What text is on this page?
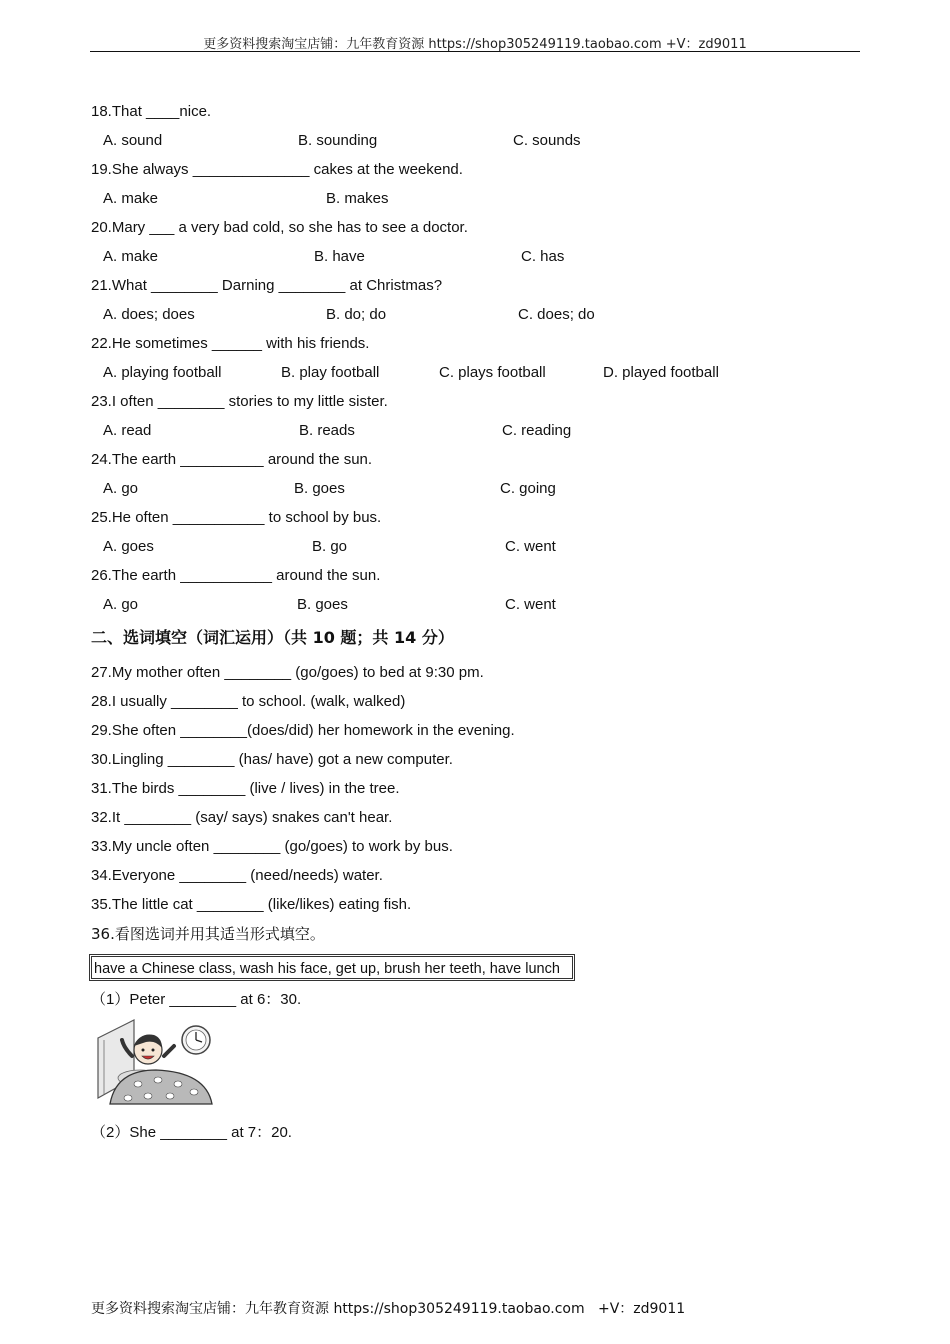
更多资料搜索淘宝店铺：九年教育资源 https://shop305249119.taobao.com +V：zd9011
18.That ____nice.
A. sound	B. sounding	C. sounds
19.She always ______________ cakes at the weekend.
A. make	B. makes
20.Mary ___ a very bad cold, so she has to see a doctor.
A. make	B. have	C. has
21.What ________ Darning ________ at Christmas?
A. does; does	B. do; do	C. does; do
22.He sometimes ______ with his friends.
A. playing football	B. play football	C. plays football	D. played football
23.I often ________ stories to my little sister.
A. read	B. reads	C. reading
24.The earth __________ around the sun.
A. go	B. goes	C. going
25.He often ___________ to school by bus.
A. goes	B. go	C. went
26.The earth ___________ around the sun.
A. go	B. goes	C. went
二、选词填空（词汇运用）（共 10 题；共 14 分）
27.My mother often ________ (go/goes) to bed at 9:30 pm.
28.I usually ________ to school. (walk, walked)
29.She often ________(does/did) her homework in the evening.
30.Lingling ________ (has/ have) got a new computer.
31.The birds ________ (live / lives) in the tree.
32.It ________ (say/ says) snakes can't hear.
33.My uncle often ________ (go/goes) to work by bus.
34.Everyone ________ (need/needs) water.
35.The little cat ________ (like/likes) eating fish.
36.看图选词并用其适当形式填空。
have a Chinese class, wash his face, get up, brush her teeth, have lunch
（1）Peter ________ at 6：30.
（2）She ________ at 7：20.
更多资料搜索淘宝店铺：九年教育资源 https://shop305249119.taobao.com   +V：zd9011
